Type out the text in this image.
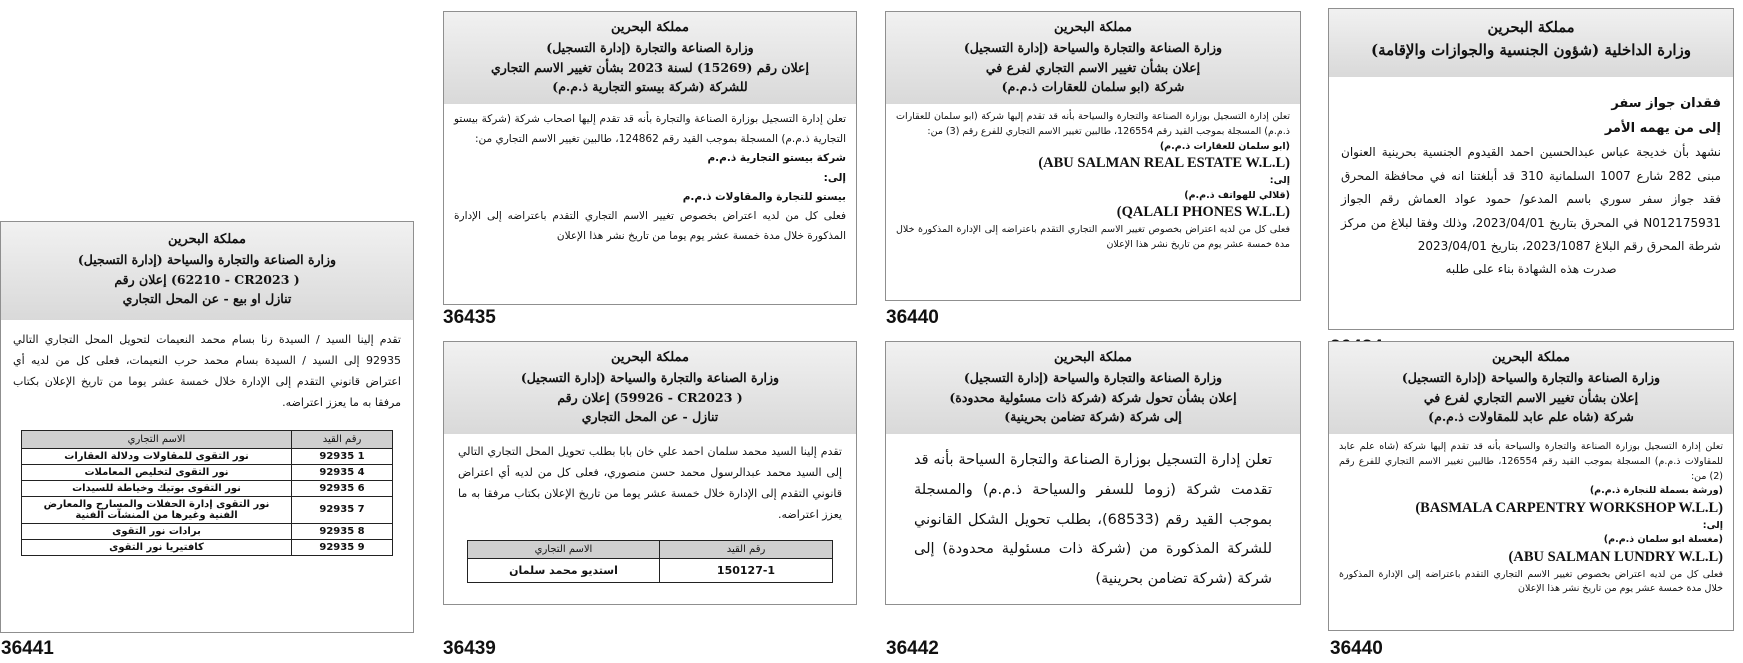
مملكة البحرين
وزارة الداخلية (شؤون الجنسية والجوازات والإقامة)

فقدان جواز سفر

إلى من يهمه الأمر

نشهد بأن خديجة عباس عبدالحسين احمد القيدوم الجنسية بحرينية العنوان مبنى 282 شارع 1007 السلمانية 310 قد أبلغتنا انه في محافظة المحرق فقد جواز سفر سوري باسم المدعو/ حمود عواد العماش رقم الجواز N012175931 في المحرق بتاريخ 2023/04/01، وذلك وفقا لبلاغ من مركز شرطة المحرق رقم البلاغ 2023/1087، بتاريخ 2023/04/01

صدرت هذه الشهادة بناء على طلبه

مملكة البحرين
وزارة الصناعة والتجارة والسياحة (إدارة التسجيل)
إعلان بشأن تغيير الاسم التجاري لفرع في
شركة (ابو سلمان للعقارات ذ.م.م)

تعلن إدارة التسجيل بوزارة الصناعة والتجارة والسياحة بأنه قد تقدم إليها شركة (ابو سلمان للعقارات ذ.م.م) المسجلة بموجب القيد رقم 126554، طالبين تغيير الاسم التجاري للفرع رقم (3) من:

(ابو سلمان للعقارات ذ.م.م)

(ABU SALMAN REAL ESTATE W.L.L)

إلى:

(قلالي للهواتف ذ.م.م)

(QALALI PHONES W.L.L)

فعلى كل من لديه اعتراض بخصوص تغيير الاسم التجاري التقدم باعتراضه إلى الإدارة المذكورة خلال مدة خمسة عشر يوم من تاريخ نشر هذا الإعلان

36440
مملكة البحرين
وزارة الصناعة والتجارة (إدارة التسجيل)
إعلان رقم (15269) لسنة 2023 بشأن تغيير الاسم التجاري
للشركة (شركة بيستو التجارية ذ.م.م)

تعلن إدارة التسجيل بوزارة الصناعة والتجارة بأنه قد تقدم إليها اصحاب شركة (شركة بيستو التجارية ذ.م.م) المسجلة بموجب القيد رقم 124862، طالبين تغيير الاسم التجاري من:

شركة بيستو التجارية ذ.م.م

إلى:

بيستو للتجارة والمقاولات ذ.م.م

فعلى كل من لديه اعتراض بخصوص تغيير الاسم التجاري التقدم باعتراضه إلى الإدارة المذكورة خلال مدة خمسة عشر يوم يوما من تاريخ نشر هذا الإعلان

36435
مملكة البحرين
وزارة الصناعة والتجارة والسياحة (إدارة التسجيل)
إعلان رقم (62210 - CR2023 )
تنازل او بيع - عن المحل التجاري

تقدم إلينا السيد / السيدة رنا بسام محمد النعيمات لتحويل المحل التجاري التالي 92935 إلى السيد / السيدة بسام محمد حرب النعيمات، فعلى كل من لديه أي اعتراض قانوني التقدم إلى الإدارة خلال خمسة عشر يوما من تاريخ الإعلان بكتاب مرفقا به ما يعزز اعتراضه.

رقم القيد	الاسم التجاري
1 92935	نور التقوى للمقاولات ودلالة العقارات
4 92935	نور التقوى لتخليص المعاملات
6 92935	نور التقوى بوتيك وخياطة للسيدات
7 92935	نور التقوى إدارة الحفلات والمسارح والمعارض الفنية وغيرها من المنشآت الفنية
8 92935	برادات نور التقوى
9 92935	كافتيريا نور التقوى
36441
مملكة البحرين
وزارة الصناعة والتجارة والسياحة (إدارة التسجيل)
إعلان رقم (59926 - CR2023 )
تنازل - عن المحل التجاري

تقدم إلينا السيد محمد سلمان احمد علي خان بابا بطلب تحويل المحل التجاري التالي إلى السيد محمد عبدالرسول محمد حسن منصوري، فعلى كل من لديه أي اعتراض قانوني التقدم إلى الإدارة خلال خمسة عشر يوما من تاريخ الإعلان بكتاب مرفقا به ما يعزز اعتراضه.

رقم القيد	الاسم التجاري
150127-1	استديو محمد سلمان
36439
مملكة البحرين
وزارة الصناعة والتجارة والسياحة (إدارة التسجيل)
إعلان بشأن تحول شركة (شركة ذات مسئولية محدودة)
إلى شركة (شركة تضامن بحرينية)

تعلن إدارة التسجيل بوزارة الصناعة والتجارة السياحة بأنه قد تقدمت شركة (زوما للسفر والسياحة ذ.م.م) والمسجلة بموجب القيد رقم (68533)، بطلب تحويل الشكل القانوني للشركة المذكورة من (شركة ذات مسئولية محدودة) إلى شركة (شركة تضامن بحرينية)

36442
مملكة البحرين
وزارة الصناعة والتجارة والسياحة (إدارة التسجيل)
إعلان بشأن تغيير الاسم التجاري لفرع في
شركة (شاه علم عابد للمقاولات ذ.م.م)

تعلن إدارة التسجيل بوزارة الصناعة والتجارة والسياحة بأنه قد تقدم إليها شركة (شاه علم عابد للمقاولات ذ.م.م) المسجلة بموجب القيد رقم 126554، طالبين تغيير الاسم التجاري للفرع رقم (2) من:

(ورشة بسملة للنجارة ذ.م.م)

(BASMALA CARPENTRY WORKSHOP W.L.L)

إلى:

(مغسلة ابو سلمان ذ.م.م)

(ABU SALMAN LUNDRY W.L.L)

فعلى كل من لديه اعتراض بخصوص تغيير الاسم التجاري التقدم باعتراضه إلى الإدارة المذكورة خلال مدة خمسة عشر يوم من تاريخ نشر هذا الإعلان

36440
